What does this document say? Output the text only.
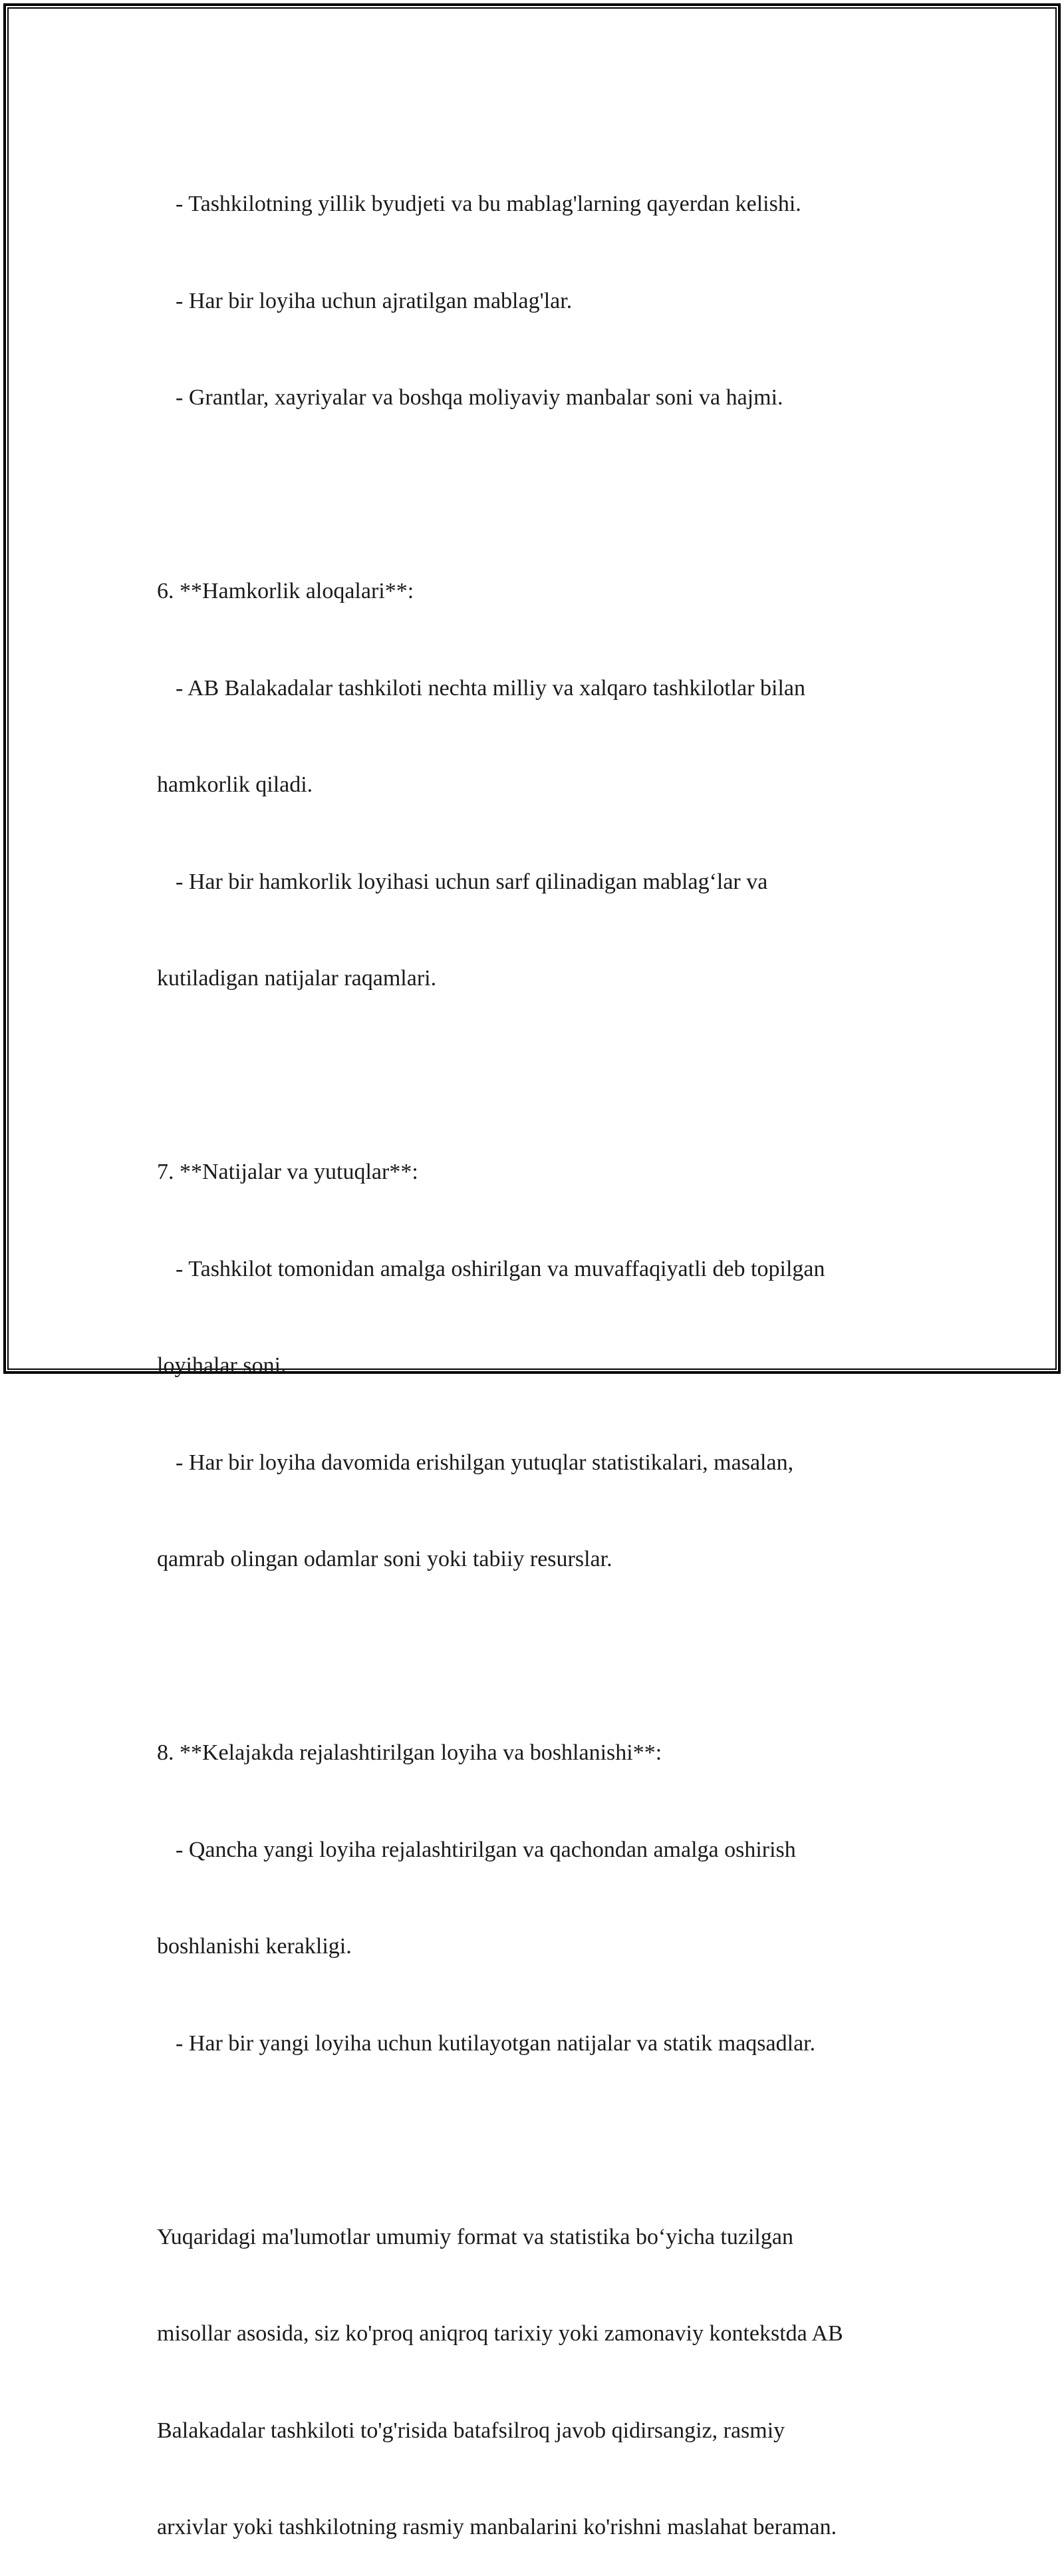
- Tashkilotning yillik byudjeti va bu mablag'larning qayerdan kelishi.

- Har bir loyiha uchun ajratilgan mablag'lar.

- Grantlar, xayriyalar va boshqa moliyaviy manbalar soni va hajmi.

6. **Hamkorlik aloqalari**:

- AB Balakadalar tashkiloti nechta milliy va xalqaro tashkilotlar bilan

hamkorlik qiladi.

- Har bir hamkorlik loyihasi uchun sarf qilinadigan mablag‘lar va

kutiladigan natijalar raqamlari.

7. **Natijalar va yutuqlar**:

- Tashkilot tomonidan amalga oshirilgan va muvaffaqiyatli deb topilgan

loyihalar soni.

- Har bir loyiha davomida erishilgan yutuqlar statistikalari, masalan,

qamrab olingan odamlar soni yoki tabiiy resurslar.

8. **Kelajakda rejalashtirilgan loyiha va boshlanishi**:

- Qancha yangi loyiha rejalashtirilgan va qachondan amalga oshirish

boshlanishi kerakligi.

- Har bir yangi loyiha uchun kutilayotgan natijalar va statik maqsadlar.

Yuqaridagi ma'lumotlar umumiy format va statistika bo‘yicha tuzilgan

misollar asosida, siz ko'proq aniqroq tarixiy yoki zamonaviy kontekstda AB

Balakadalar tashkiloti to'g'risida batafsilroq javob qidirsangiz, rasmiy

arxivlar yoki tashkilotning rasmiy manbalarini ko'rishni maslahat beraman.
